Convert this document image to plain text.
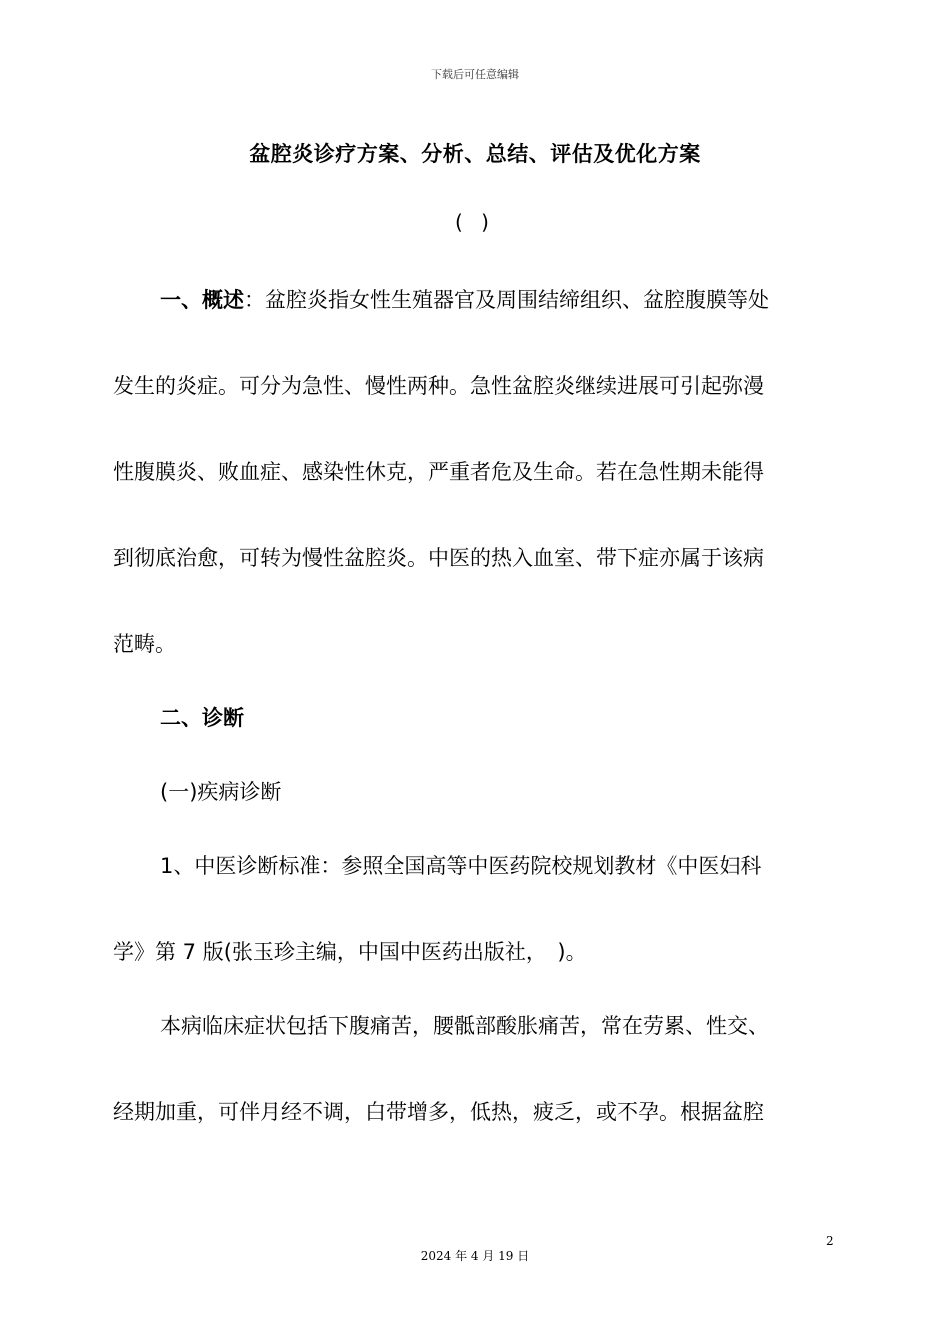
下载后可任意编辑
盆腔炎诊疗方案、分析、总结、评估及优化方案
( )
一、概述：盆腔炎指女性生殖器官及周围结缔组织、盆腔腹膜等处
发生的炎症。可分为急性、慢性两种。急性盆腔炎继续进展可引起弥漫
性腹膜炎、败血症、感染性休克，严重者危及生命。若在急性期未能得
到彻底治愈，可转为慢性盆腔炎。中医的热入血室、带下症亦属于该病
范畴。
二、诊断
(一)疾病诊断
1、中医诊断标准：参照全国高等中医药院校规划教材《中医妇科
学》第 7 版(张玉珍主编，中国中医药出版社，　)。
本病临床症状包括下腹痛苦，腰骶部酸胀痛苦，常在劳累、性交、
经期加重，可伴月经不调，白带增多，低热，疲乏，或不孕。根据盆腔
2
2024 年 4 月 19 日
